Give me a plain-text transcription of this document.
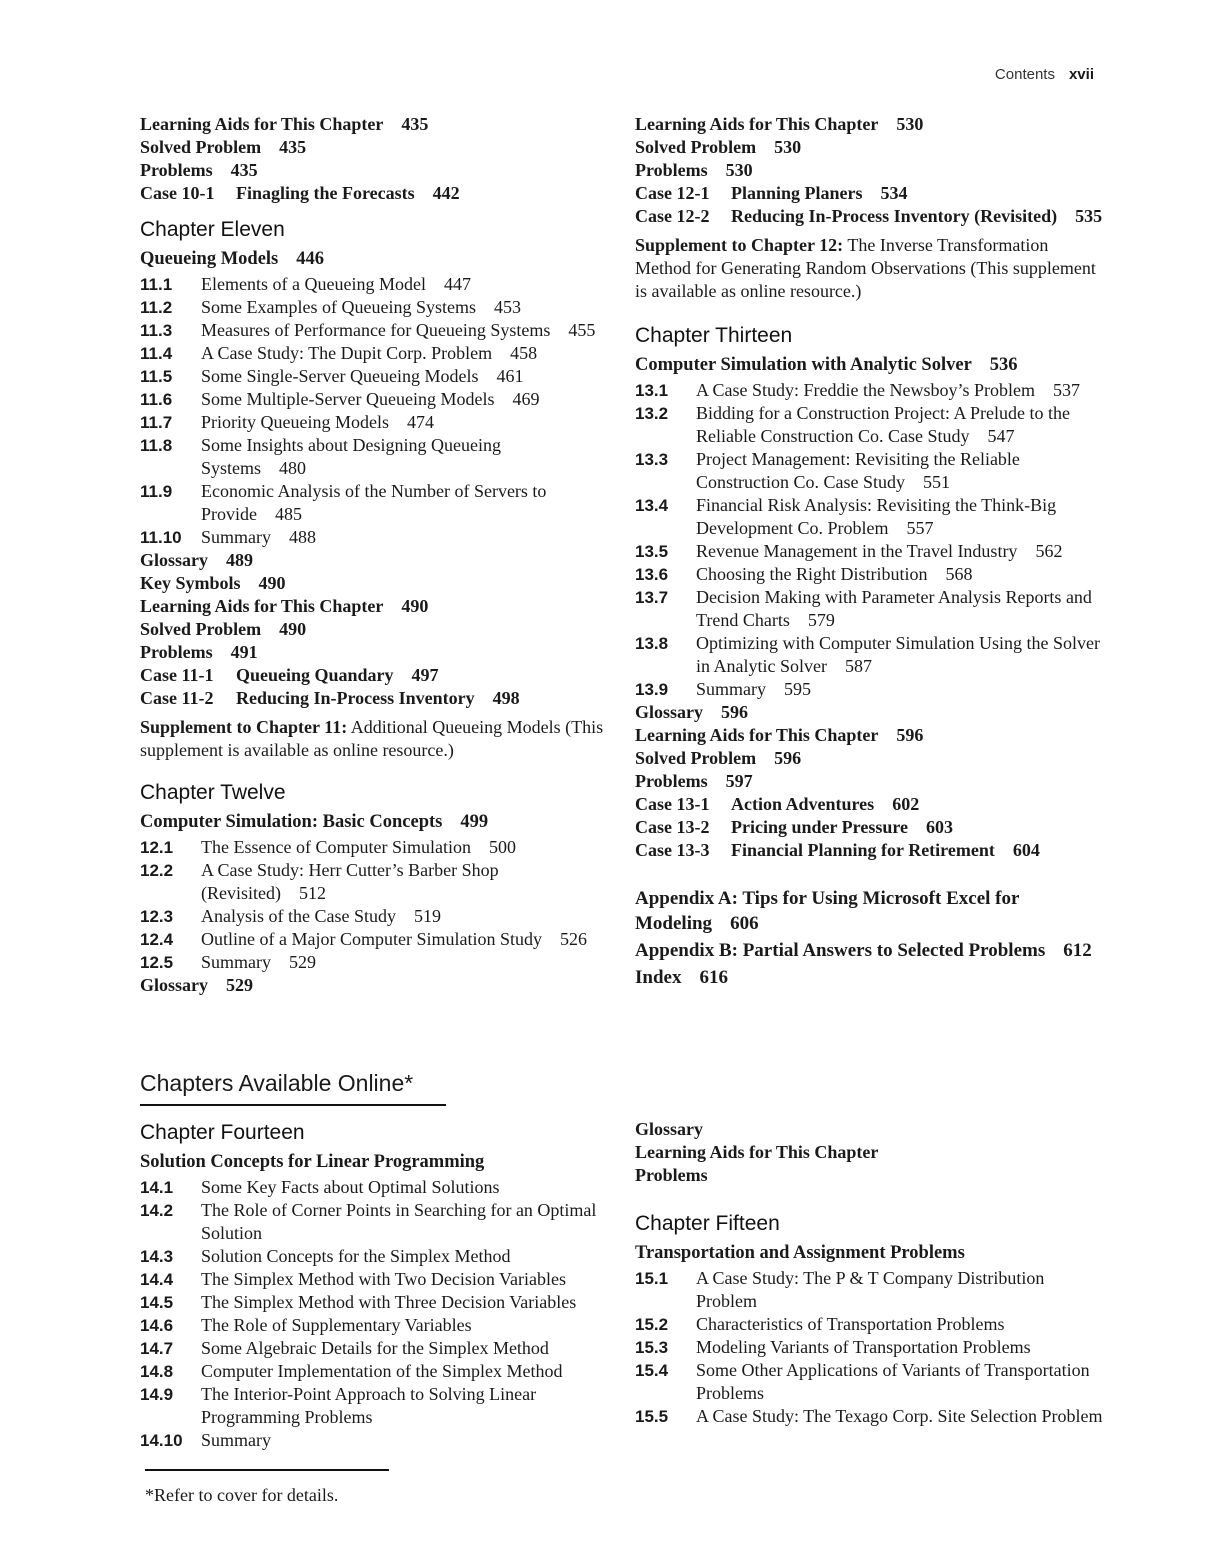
Contents xvii
Learning Aids for This Chapter 435
Solved Problem 435
Problems 435
Case 10-1 Finagling the Forecasts 442
Chapter Eleven
Queueing Models 446
11.1	Elements of a Queueing Model 447
11.2	Some Examples of Queueing Systems 453
11.3	Measures of Performance for Queueing Systems 455
11.4	A Case Study: The Dupit Corp. Problem 458
11.5	Some Single-Server Queueing Models 461
11.6	Some Multiple-Server Queueing Models 469
11.7	Priority Queueing Models 474
11.8	Some Insights about Designing Queueing Systems 480
11.9	Economic Analysis of the Number of Servers to Provide 485
11.10	Summary 488
Glossary 489
Key Symbols 490
Learning Aids for This Chapter 490
Solved Problem 490
Problems 491
Case 11-1 Queueing Quandary 497
Case 11-2 Reducing In-Process Inventory 498
Supplement to Chapter 11: Additional Queueing Models (This supplement is available as online resource.)
Chapter Twelve
Computer Simulation: Basic Concepts 499
12.1	The Essence of Computer Simulation 500
12.2	A Case Study: Herr Cutter’s Barber Shop (Revisited) 512
12.3	Analysis of the Case Study 519
12.4	Outline of a Major Computer Simulation Study 526
12.5	Summary 529
Glossary 529
Learning Aids for This Chapter 530
Solved Problem 530
Problems 530
Case 12-1 Planning Planers 534
Case 12-2 Reducing In-Process Inventory (Revisited) 535
Supplement to Chapter 12: The Inverse Transformation Method for Generating Random Observations (This supplement is available as online resource.)
Chapter Thirteen
Computer Simulation with Analytic Solver 536
13.1	A Case Study: Freddie the Newsboy’s Problem 537
13.2	Bidding for a Construction Project: A Prelude to the Reliable Construction Co. Case Study 547
13.3	Project Management: Revisiting the Reliable Construction Co. Case Study 551
13.4	Financial Risk Analysis: Revisiting the Think-Big Development Co. Problem 557
13.5	Revenue Management in the Travel Industry 562
13.6	Choosing the Right Distribution 568
13.7	Decision Making with Parameter Analysis Reports and Trend Charts 579
13.8	Optimizing with Computer Simulation Using the Solver in Analytic Solver 587
13.9	Summary 595
Glossary 596
Learning Aids for This Chapter 596
Solved Problem 596
Problems 597
Case 13-1 Action Adventures 602
Case 13-2 Pricing under Pressure 603
Case 13-3 Financial Planning for Retirement 604
Appendix A: Tips for Using Microsoft Excel for Modeling 606
Appendix B: Partial Answers to Selected Problems 612
Index 616
Chapters Available Online*
Chapter Fourteen
Solution Concepts for Linear Programming
14.1	Some Key Facts about Optimal Solutions
14.2	The Role of Corner Points in Searching for an Optimal Solution
14.3	Solution Concepts for the Simplex Method
14.4	The Simplex Method with Two Decision Variables
14.5	The Simplex Method with Three Decision Variables
14.6	The Role of Supplementary Variables
14.7	Some Algebraic Details for the Simplex Method
14.8	Computer Implementation of the Simplex Method
14.9	The Interior-Point Approach to Solving Linear Programming Problems
14.10	Summary
Glossary
Learning Aids for This Chapter
Problems
Chapter Fifteen
Transportation and Assignment Problems
15.1	A Case Study: The P & T Company Distribution Problem
15.2	Characteristics of Transportation Problems
15.3	Modeling Variants of Transportation Problems
15.4	Some Other Applications of Variants of Transportation Problems
15.5	A Case Study: The Texago Corp. Site Selection Problem
*Refer to cover for details.
